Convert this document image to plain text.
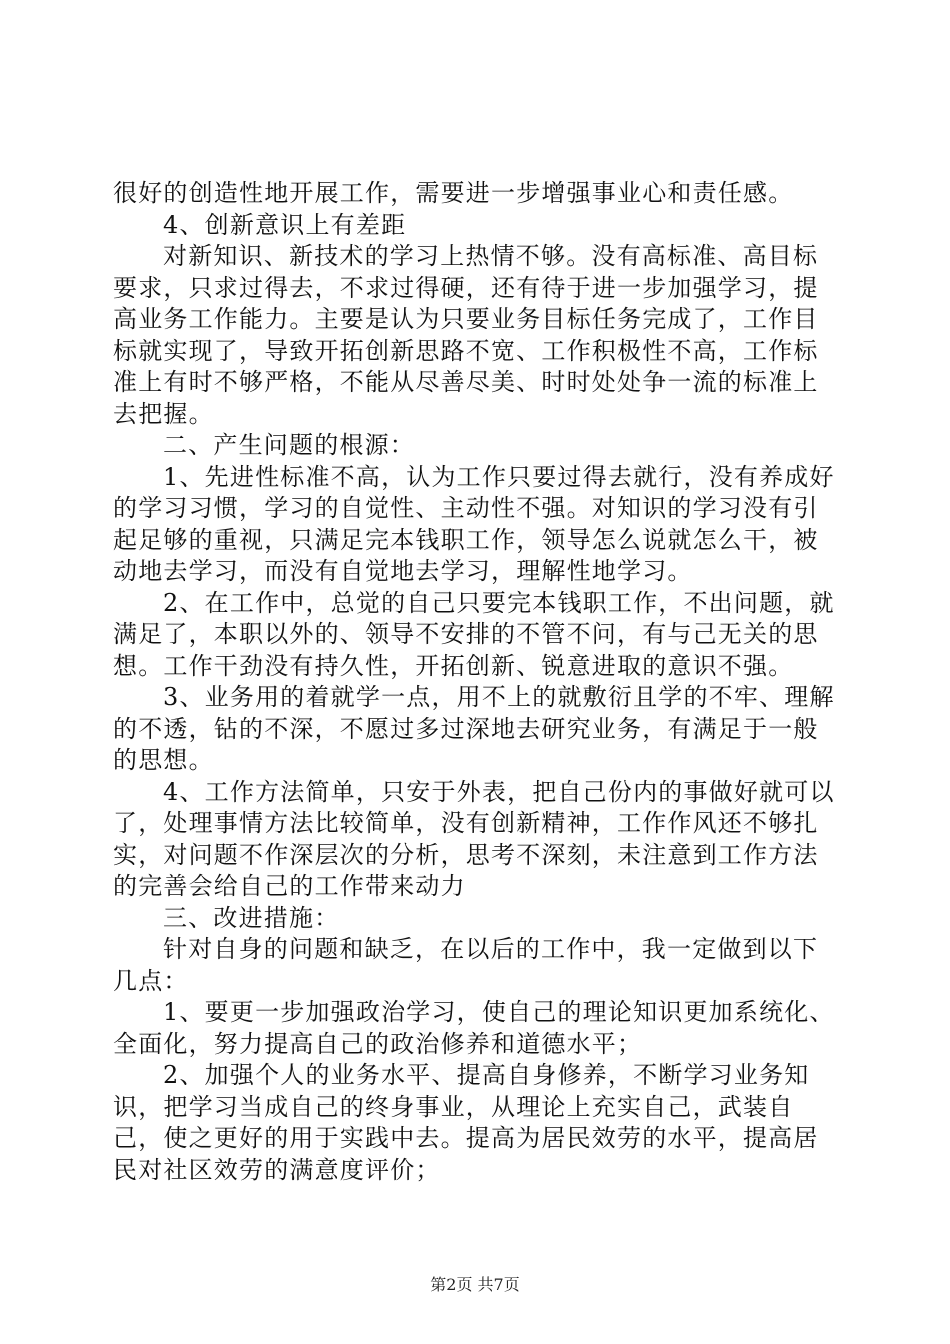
很好的创造性地开展工作，需要进一步增强事业心和责任感。

4、创新意识上有差距

对新知识、新技术的学习上热情不够。没有高标准、高目标要求，只求过得去，不求过得硬，还有待于进一步加强学习，提高业务工作能力。主要是认为只要业务目标任务完成了，工作目标就实现了，导致开拓创新思路不宽、工作积极性不高，工作标准上有时不够严格，不能从尽善尽美、时时处处争一流的标准上去把握。

二、产生问题的根源：

1、先进性标准不高，认为工作只要过得去就行，没有养成好的学习习惯，学习的自觉性、主动性不强。对知识的学习没有引起足够的重视，只满足完本钱职工作，领导怎么说就怎么干，被动地去学习，而没有自觉地去学习，理解性地学习。

2、在工作中，总觉的自己只要完本钱职工作，不出问题，就满足了，本职以外的、领导不安排的不管不问，有与己无关的思想。工作干劲没有持久性，开拓创新、锐意进取的意识不强。

3、业务用的着就学一点，用不上的就敷衍且学的不牢、理解的不透，钻的不深，不愿过多过深地去研究业务，有满足于一般的思想。

4、工作方法简单，只安于外表，把自己份内的事做好就可以了，处理事情方法比较简单，没有创新精神，工作作风还不够扎实，对问题不作深层次的分析，思考不深刻，未注意到工作方法的完善会给自己的工作带来动力

三、改进措施：

针对自身的问题和缺乏，在以后的工作中，我一定做到以下几点：

1、要更一步加强政治学习，使自己的理论知识更加系统化、全面化，努力提高自己的政治修养和道德水平；

2、加强个人的业务水平、提高自身修养，不断学习业务知识，把学习当成自己的终身事业，从理论上充实自己，武装自己，使之更好的用于实践中去。提高为居民效劳的水平，提高居民对社区效劳的满意度评价；

第2页 共7页
